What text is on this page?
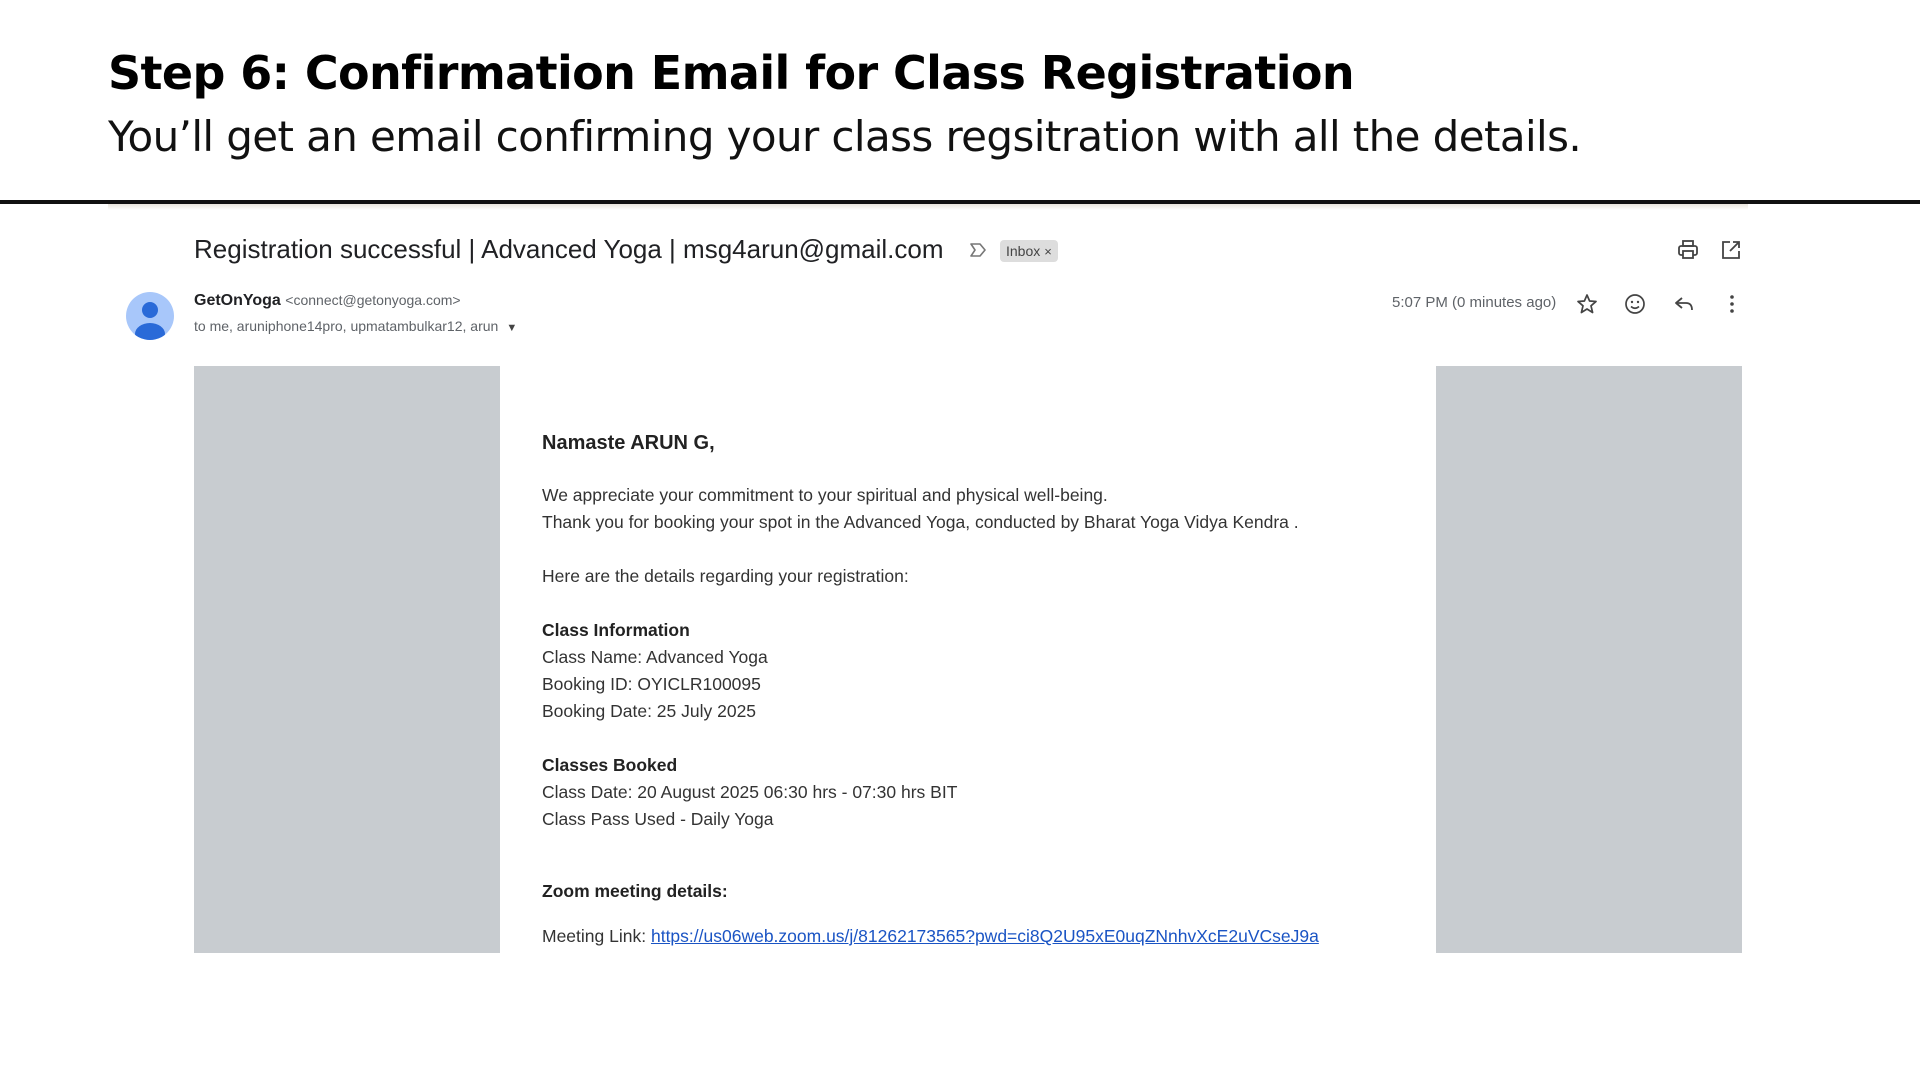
Step 6: Confirmation Email for Class Registration

You’ll get an email confirming your class regsitration with all the details.

Registration successful | Advanced Yoga | msg4arun@gmail.com	Inbox ×
GetOnYoga <connect@getonyoga.com>
to me, aruniphone14pro, upmatambulkar12, arun ▼
5:07 PM (0 minutes ago)
Namaste ARUN G,
We appreciate your commitment to your spiritual and physical well-being.
Thank you for booking your spot in the Advanced Yoga, conducted by Bharat Yoga Vidya Kendra .
Here are the details regarding your registration:
Class Information
Class Name: Advanced Yoga
Booking ID: OYICLR100095
Booking Date: 25 July 2025
Classes Booked
Class Date: 20 August 2025 06:30 hrs - 07:30 hrs BIT
Class Pass Used - Daily Yoga
Zoom meeting details:
Meeting Link: https://us06web.zoom.us/j/81262173565?pwd=ci8Q2U95xE0uqZNnhvXcE2uVCseJ9a
